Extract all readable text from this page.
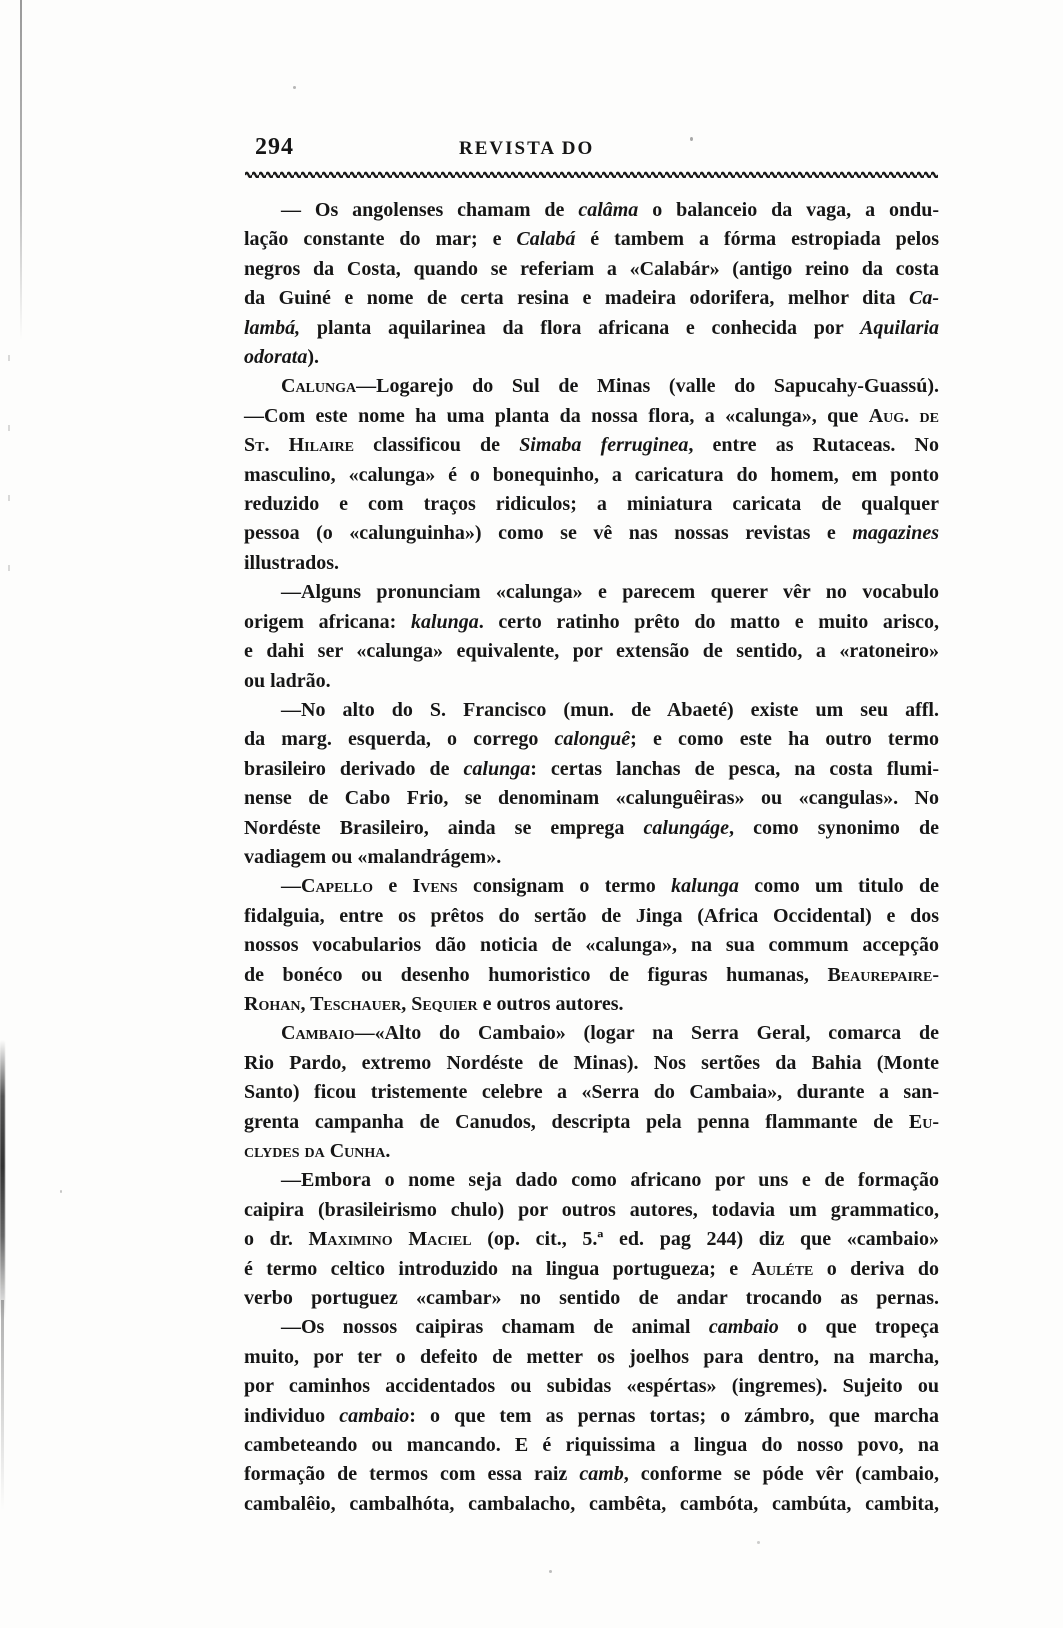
294	REVISTA DO
— Os angolenses chamam de calâma o balanceio da vaga, a ondu-
lação constante do mar; e Calabá é tambem a fórma estropiada pelos
negros da Costa, quando se referiam a «Calabár» (antigo reino da costa
da Guiné e nome de certa resina e madeira odorifera, melhor dita Ca-
lambá, planta aquilarinea da flora africana e conhecida por Aquilaria
odorata).
Calunga—Logarejo do Sul de Minas (valle do Sapucahy-Guassú).
—Com este nome ha uma planta da nossa flora, a «calunga», que Aug. de
St. Hilaire classificou de Simaba ferruginea, entre as Rutaceas. No
masculino, «calunga» é o bonequinho, a caricatura do homem, em ponto
reduzido e com traços ridiculos; a miniatura caricata de qualquer
pessoa (o «calunguinha») como se vê nas nossas revistas e magazines
illustrados.
—Alguns pronunciam «calunga» e parecem querer vêr no vocabulo
origem africana: kalunga. certo ratinho prêto do matto e muito arisco,
e dahi ser «calunga» equivalente, por extensão de sentido, a «ratoneiro»
ou ladrão.
—No alto do S. Francisco (mun. de Abaeté) existe um seu affl.
da marg. esquerda, o corrego calonguê; e como este ha outro termo
brasileiro derivado de calunga: certas lanchas de pesca, na costa flumi-
nense de Cabo Frio, se denominam «calunguêiras» ou «cangulas». No
Nordéste Brasileiro, ainda se emprega calungáge, como synonimo de
vadiagem ou «malandrágem».
—Capello e Ivens consignam o termo kalunga como um titulo de
fidalguia, entre os prêtos do sertão de Jinga (Africa Occidental) e dos
nossos vocabularios dão noticia de «calunga», na sua commum accepção
de bonéco ou desenho humoristico de figuras humanas, Beaurepaire-
Rohan, Teschauer, Sequier e outros autores.
Cambaio—«Alto do Cambaio» (logar na Serra Geral, comarca de
Rio Pardo, extremo Nordéste de Minas). Nos sertões da Bahia (Monte
Santo) ficou tristemente celebre a «Serra do Cambaia», durante a san-
grenta campanha de Canudos, descripta pela penna flammante de Eu-
clydes da Cunha.
—Embora o nome seja dado como africano por uns e de formação
caipira (brasileirismo chulo) por outros autores, todavia um grammatico,
o dr. Maximino Maciel (op. cit., 5.ª ed. pag 244) diz que «cambaio»
é termo celtico introduzido na lingua portugueza; e Auléte o deriva do
verbo portuguez «cambar» no sentido de andar trocando as pernas.
—Os nossos caipiras chamam de animal cambaio o que tropeça
muito, por ter o defeito de metter os joelhos para dentro, na marcha,
por caminhos accidentados ou subidas «espértas» (ingremes). Sujeito ou
individuo cambaio: o que tem as pernas tortas; o zámbro, que marcha
cambeteando ou mancando. E é riquissima a lingua do nosso povo, na
formação de termos com essa raiz camb, conforme se póde vêr (cambaio,
cambalêio, cambalhóta, cambalacho, cambêta, cambóta, cambúta, cambita,
